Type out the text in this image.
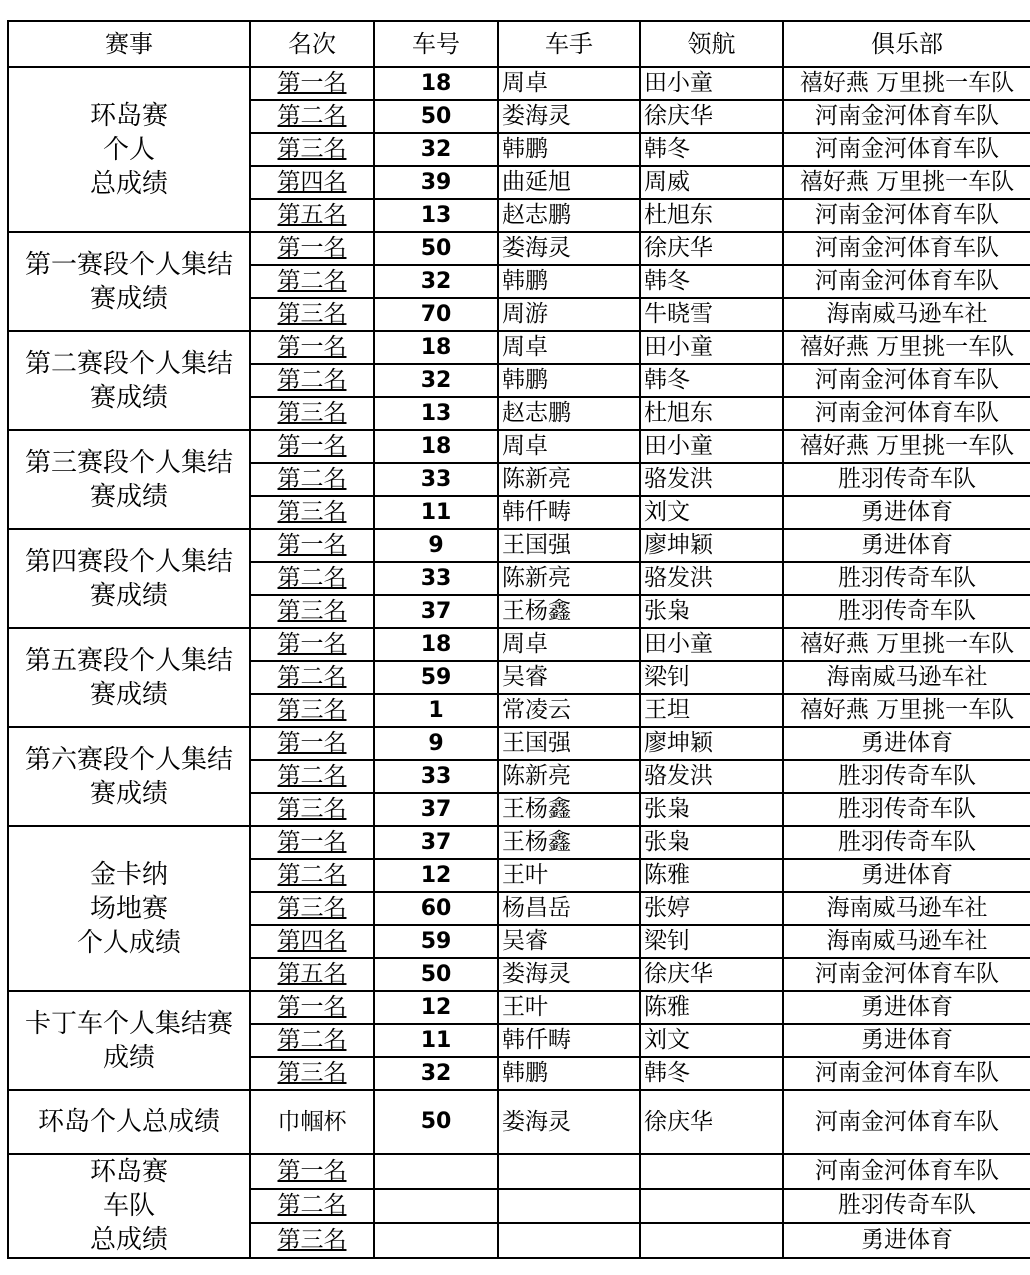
赛事	名次	车号	车手	领航	俱乐部

环岛赛
个人
总成绩	第一名	18	周卓	田小童	禧好燕 万里挑一车队
	第二名	50	娄海灵	徐庆华	河南金河体育车队
	第三名	32	韩鹏	韩冬	河南金河体育车队
	第四名	39	曲延旭	周威	禧好燕 万里挑一车队
	第五名	13	赵志鹏	杜旭东	河南金河体育车队

第一赛段个人集结
赛成绩	第一名	50	娄海灵	徐庆华	河南金河体育车队
	第二名	32	韩鹏	韩冬	河南金河体育车队
	第三名	70	周游	牛晓雪	海南威马逊车社

第二赛段个人集结
赛成绩	第一名	18	周卓	田小童	禧好燕 万里挑一车队
	第二名	32	韩鹏	韩冬	河南金河体育车队
	第三名	13	赵志鹏	杜旭东	河南金河体育车队

第三赛段个人集结
赛成绩	第一名	18	周卓	田小童	禧好燕 万里挑一车队
	第二名	33	陈新亮	骆发洪	胜羽传奇车队
	第三名	11	韩仟畴	刘文	勇进体育

第四赛段个人集结
赛成绩	第一名	9	王国强	廖坤颖	勇进体育
	第二名	33	陈新亮	骆发洪	胜羽传奇车队
	第三名	37	王杨鑫	张枭	胜羽传奇车队

第五赛段个人集结
赛成绩	第一名	18	周卓	田小童	禧好燕 万里挑一车队
	第二名	59	吴睿	梁钊	海南威马逊车社
	第三名	1	常凌云	王坦	禧好燕 万里挑一车队

第六赛段个人集结
赛成绩	第一名	9	王国强	廖坤颖	勇进体育
	第二名	33	陈新亮	骆发洪	胜羽传奇车队
	第三名	37	王杨鑫	张枭	胜羽传奇车队

金卡纳
场地赛
个人成绩	第一名	37	王杨鑫	张枭	胜羽传奇车队
	第二名	12	王叶	陈雅	勇进体育
	第三名	60	杨昌岳	张婷	海南威马逊车社
	第四名	59	吴睿	梁钊	海南威马逊车社
	第五名	50	娄海灵	徐庆华	河南金河体育车队

卡丁车个人集结赛
成绩	第一名	12	王叶	陈雅	勇进体育
	第二名	11	韩仟畴	刘文	勇进体育
	第三名	32	韩鹏	韩冬	河南金河体育车队

环岛个人总成绩	巾帼杯	50	娄海灵	徐庆华	河南金河体育车队

环岛赛
车队
总成绩	第一名				河南金河体育车队
	第二名				胜羽传奇车队
	第三名				勇进体育
